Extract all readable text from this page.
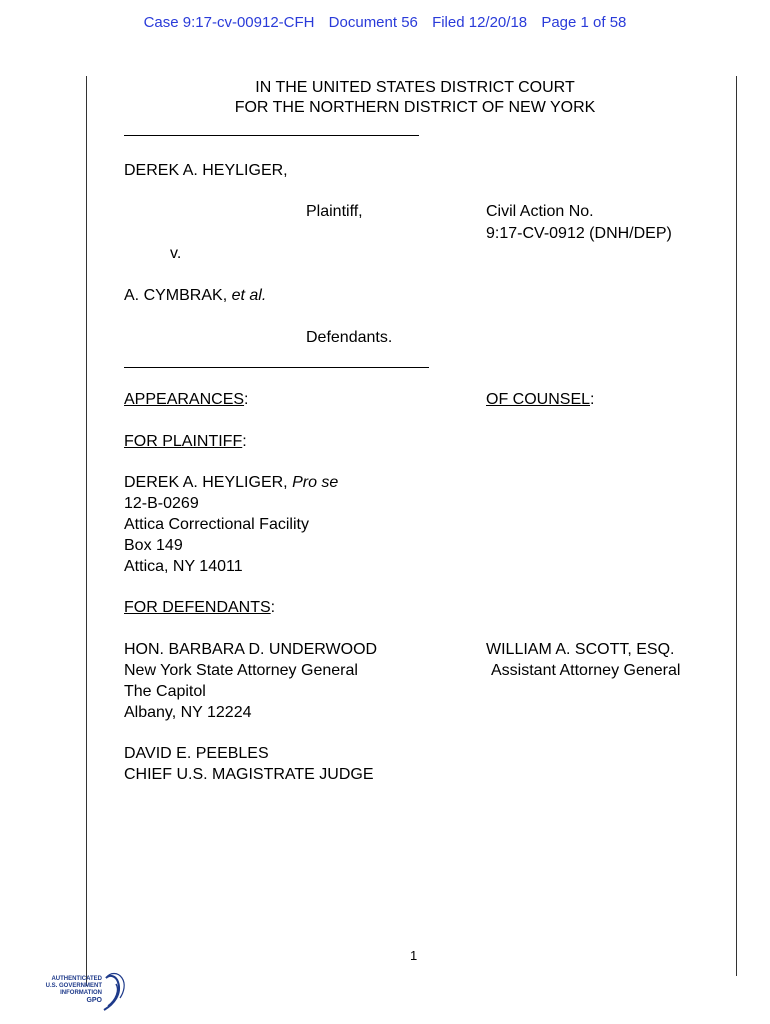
Case 9:17-cv-00912-CFH Document 56 Filed 12/20/18 Page 1 of 58
IN THE UNITED STATES DISTRICT COURT
FOR THE NORTHERN DISTRICT OF NEW YORK
DEREK A. HEYLIGER,
Plaintiff,	Civil Action No.
9:17-CV-0912 (DNH/DEP)
v.
A. CYMBRAK, et al.
Defendants.
APPEARANCES:	OF COUNSEL:
FOR PLAINTIFF:
DEREK A. HEYLIGER, Pro se
12-B-0269
Attica Correctional Facility
Box 149
Attica, NY 14011
FOR DEFENDANTS:
HON. BARBARA D. UNDERWOOD
New York State Attorney General
The Capitol
Albany, NY 12224
WILLIAM A. SCOTT, ESQ.
Assistant Attorney General
DAVID E. PEEBLES
CHIEF U.S. MAGISTRATE JUDGE
1
AUTHENTICATED
U.S. GOVERNMENT
INFORMATION
GPO
